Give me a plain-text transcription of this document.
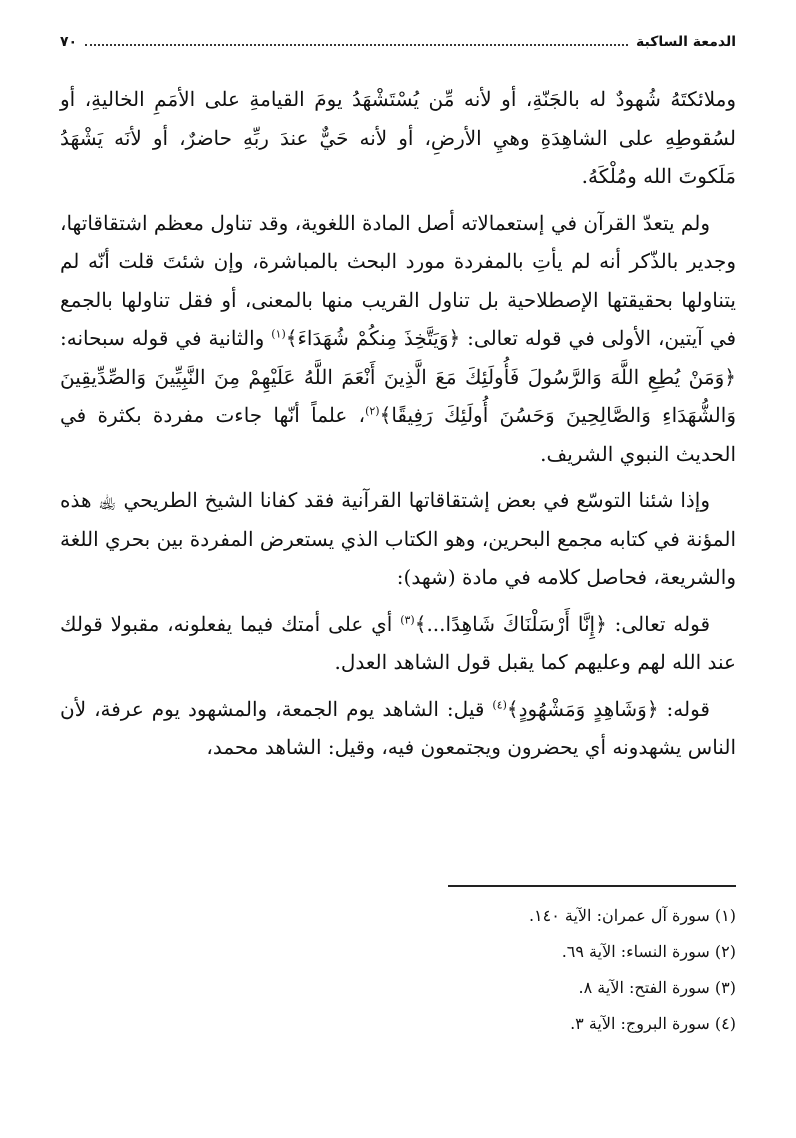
الدمعة الساكبة
٧٠

وملائكتَهُ شُهودٌ له بالجَنّةِ، أو لأنه مِّن يُسْتَشْهَدُ يومَ القيامةِ على الأمَمِ الخاليةِ، أو لسُقوطِهِ على الشاهِدَةِ وهيِ الأرضِ، أو لأنه حَيٌّ عندَ ربِّهِ حاضرٌ، أو لأنَه يَشْهَدُ مَلَكوتَ الله ومُلْكَهُ.

ولم يتعدّ القرآن في إستعمالاته أصل المادة اللغوية، وقد تناول معظم اشتقاقاتها، وجدير بالذّكر أنه لم يأتِ بالمفردة مورد البحث بالمباشرة، وإن شئتَ قلت أنّه لم يتناولها بحقيقتها الإصطلاحية بل تناول القريب منها بالمعنى، أو فقل تناولها بالجمع في آيتين، الأولى في قوله تعالى: ﴿وَيَتَّخِذَ مِنكُمْ شُهَدَاءَ﴾$^{(١)}$ والثانية في قوله سبحانه: ﴿وَمَنْ يُطِعِ اللَّهَ وَالرَّسُولَ فَأُولَئِكَ مَعَ الَّذِينَ أَنْعَمَ اللَّهُ عَلَيْهِمْ مِنَ النَّبِيِّينَ وَالصِّدِّيقِينَ وَالشُّهَدَاءِ وَالصَّالِحِينَ وَحَسُنَ أُولَئِكَ رَفِيقًا﴾$^{(٢)}$، علماً أنّها جاءت مفردة بكثرة في الحديث النبوي الشريف.

وإذا شئنا التوسّع في بعض إشتقاقاتها القرآنية فقد كفانا الشيخ الطريحي ﵀ هذه المؤنة في كتابه مجمع البحرين، وهو الكتاب الذي يستعرض المفردة بين بحري اللغة والشريعة، فحاصل كلامه في مادة (شهد):

قوله تعالى: ﴿إِنَّا أَرْسَلْنَاكَ شَاهِدًا...﴾$^{(٣)}$ أي على أمتك فيما يفعلونه، مقبولا قولك عند الله لهم وعليهم كما يقبل قول الشاهد العدل.

قوله: ﴿وَشَاهِدٍ وَمَشْهُودٍ﴾$^{(٤)}$ قيل: الشاهد يوم الجمعة، والمشهود يوم عرفة، لأن الناس يشهدونه أي يحضرون ويجتمعون فيه، وقيل: الشاهد محمد،

(١) سورة آل عمران: الآية ١٤٠.

(٢) سورة النساء: الآية ٦٩.

(٣) سورة الفتح: الآية ٨.

(٤) سورة البروج: الآية ٣.
